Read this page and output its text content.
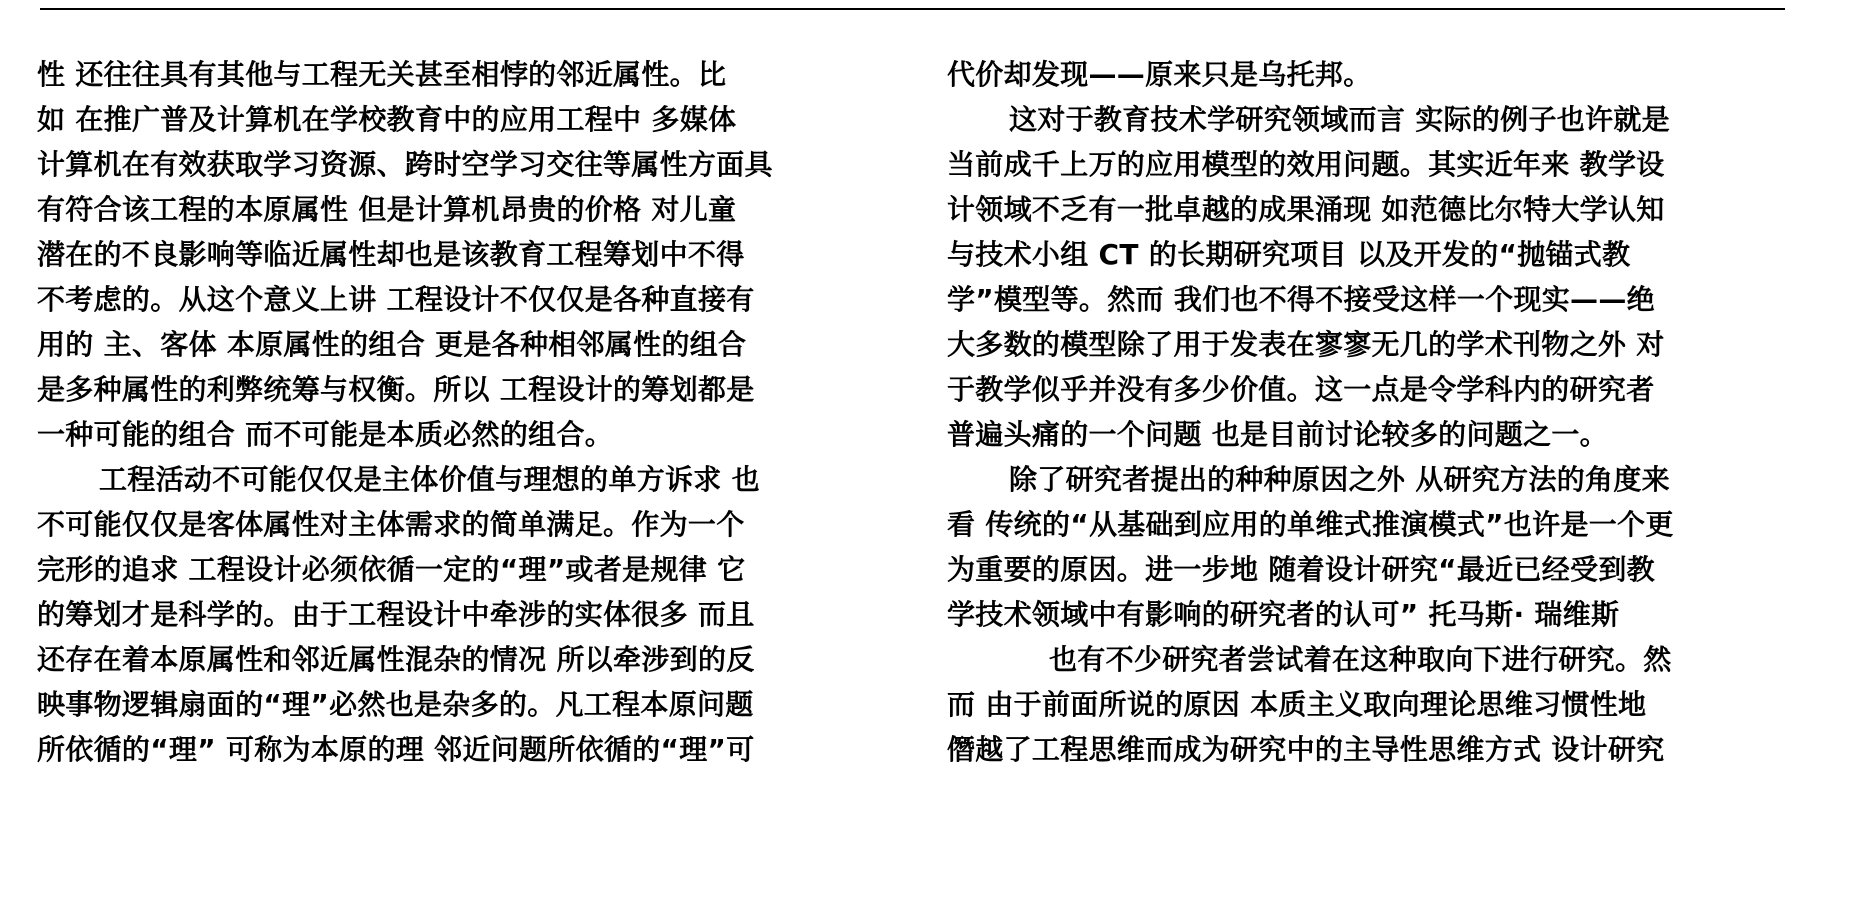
性 还往往具有其他与工程无关甚至相悖的邻近属性。比
如 在推广普及计算机在学校教育中的应用工程中 多媒体
计算机在有效获取学习资源、跨时空学习交往等属性方面具
有符合该工程的本原属性 但是计算机昂贵的价格 对儿童
潜在的不良影响等临近属性却也是该教育工程筹划中不得
不考虑的。从这个意义上讲 工程设计不仅仅是各种直接有
用的 主、客体 本原属性的组合 更是各种相邻属性的组合
是多种属性的利弊统筹与权衡。所以 工程设计的筹划都是
一种可能的组合 而不可能是本质必然的组合。
工程活动不可能仅仅是主体价值与理想的单方诉求 也
不可能仅仅是客体属性对主体需求的简单满足。作为一个
完形的追求 工程设计必须依循一定的“理”或者是规律 它
的筹划才是科学的。由于工程设计中牵涉的实体很多 而且
还存在着本原属性和邻近属性混杂的情况 所以牵涉到的反
映事物逻辑扇面的“理”必然也是杂多的。凡工程本原问题
所依循的“理” 可称为本原的理 邻近问题所依循的“理”可
代价却发现——原来只是乌托邦。
这对于教育技术学研究领域而言 实际的例子也许就是
当前成千上万的应用模型的效用问题。其实近年来 教学设
计领域不乏有一批卓越的成果涌现 如范德比尔特大学认知
与技术小组 CT 的长期研究项目 以及开发的“抛锚式教
学”模型等。然而 我们也不得不接受这样一个现实——绝
大多数的模型除了用于发表在寥寥无几的学术刊物之外 对
于教学似乎并没有多少价值。这一点是令学科内的研究者
普遍头痛的一个问题 也是目前讨论较多的问题之一。
除了研究者提出的种种原因之外 从研究方法的角度来
看 传统的“从基础到应用的单维式推演模式”也许是一个更
为重要的原因。进一步地 随着设计研究“最近已经受到教
学技术领域中有影响的研究者的认可” 托马斯· 瑞维斯
也有不少研究者尝试着在这种取向下进行研究。然
而 由于前面所说的原因 本质主义取向理论思维习惯性地
僭越了工程思维而成为研究中的主导性思维方式 设计研究
